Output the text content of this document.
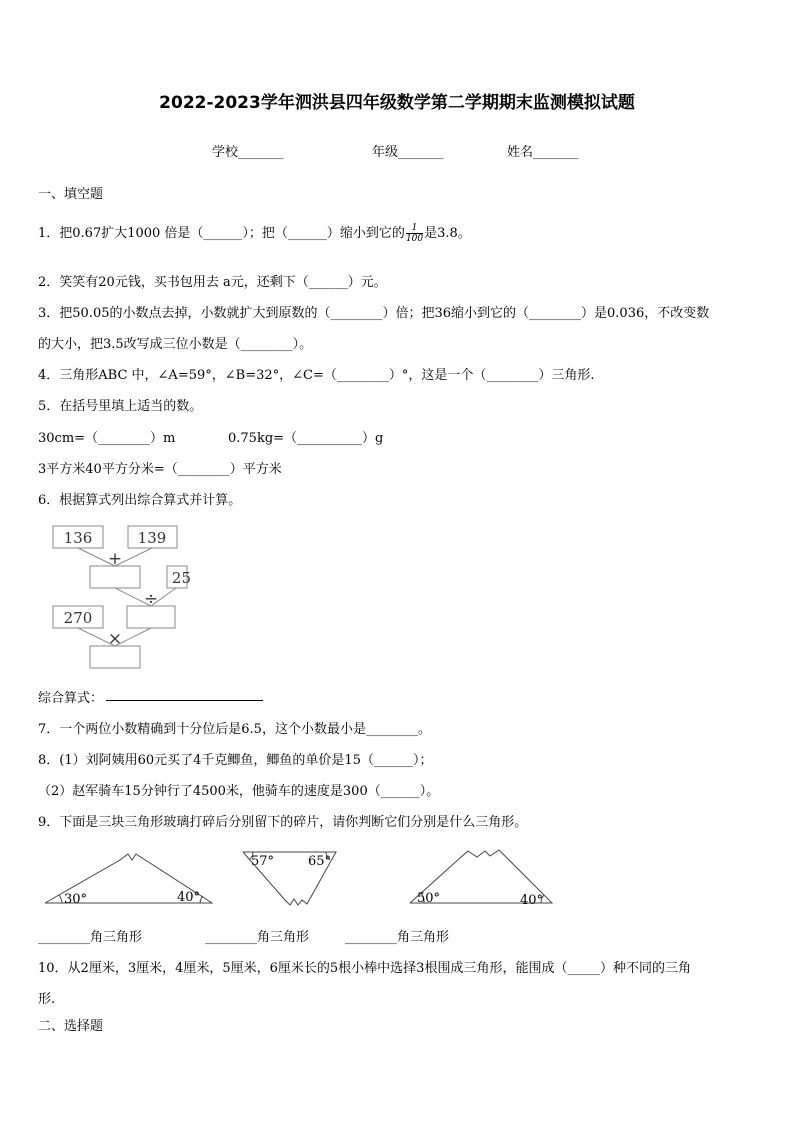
2022-2023学年泗洪县四年级数学第二学期期末监测模拟试题
学校_______	年级_______	姓名_______
一、填空题
1．把0.67扩大1000 倍是（______）；把（______）缩小到它的 $\frac{1}{100}$ 是3.8。
2．笑笑有20元钱，买书包用去 a元，还剩下（______）元。
3．把50.05的小数点去掉，小数就扩大到原数的（________）倍；把36缩小到它的（________）是0.036，不改变数
的大小，把3.5改写成三位小数是（________）。
4．三角形ABC 中，∠A=59°，∠B=32°，∠C=（________）°，这是一个（________）三角形.
5．在括号里填上适当的数。
30cm=（________）m	0.75kg=（__________）g
3平方米40平方分米=（________）平方米
6．根据算式列出综合算式并计算。
136	139
25
270
+
÷
×
综合算式：
7．一个两位小数精确到十分位后是6.5，这个小数最小是________。
8．(1）刘阿姨用60元买了4千克鲫鱼，鲫鱼的单价是15（______）；
（2）赵军骑车15分钟行了4500米，他骑车的速度是300（______）。
9．下面是三块三角形玻璃打碎后分别留下的碎片，请你判断它们分别是什么三角形。
30°	40°
57°	65°
50°	40°
________角三角形	________角三角形	________角三角形
10．从2厘米，3厘米，4厘米，5厘米，6厘米长的5根小棒中选择3根围成三角形，能围成（_____）种不同的三角
形.
二、选择题
